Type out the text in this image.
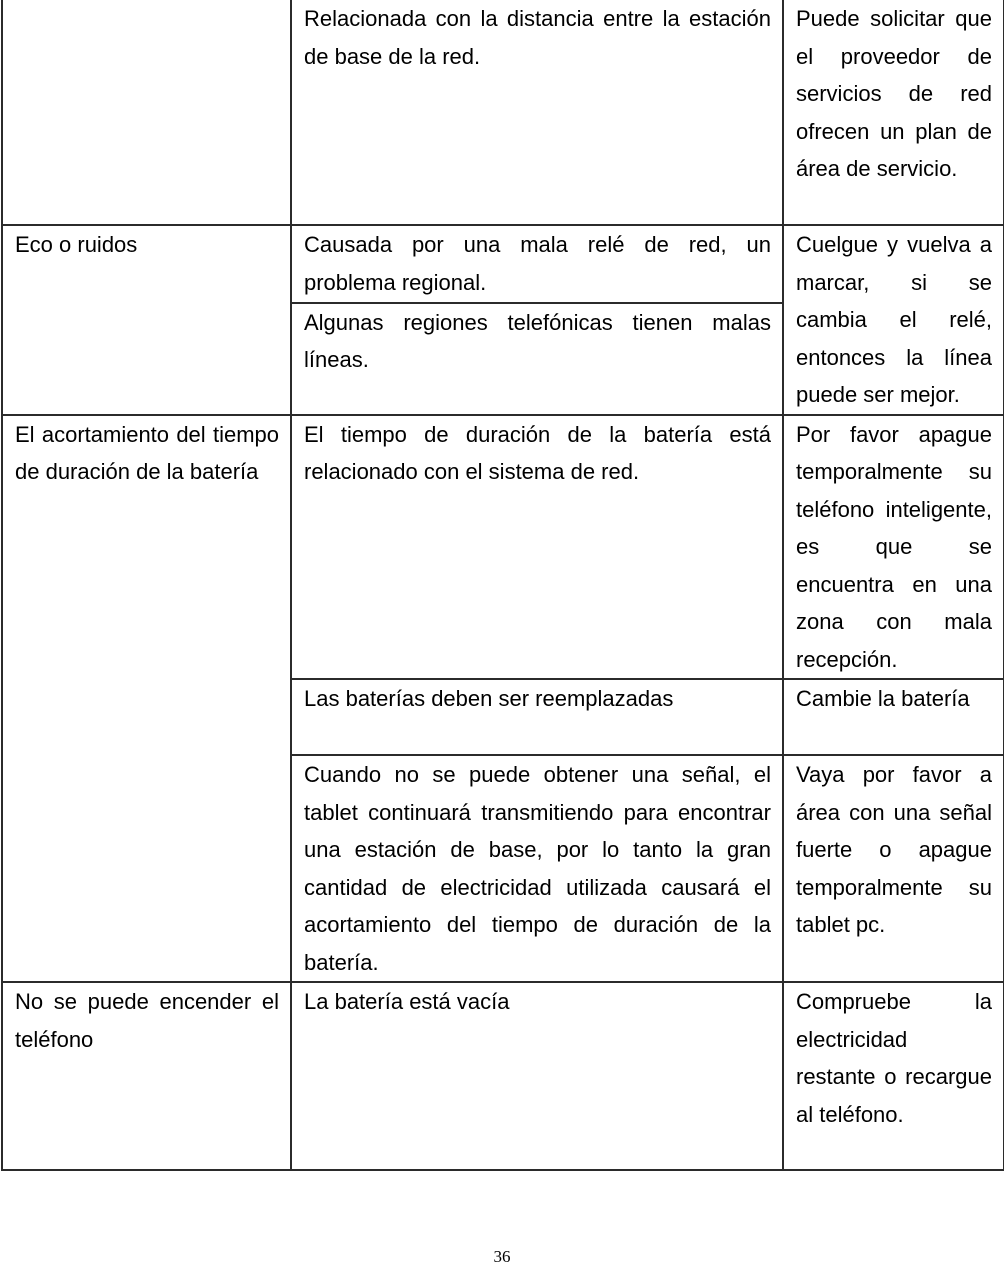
	Relacionada con la distancia entre la estación de base de la red.	Puede solicitar que el proveedor de servicios de red ofrecen un plan de área de servicio.
Eco o ruidos	Causada por una mala relé de red, un problema regional.	Cuelgue y vuelva a marcar, si se cambia el relé, entonces la línea puede ser mejor.
	Algunas regiones telefónicas tienen malas líneas.	
El acortamiento del tiempo de duración de la batería	El tiempo de duración de la batería está relacionado con el sistema de red.	Por favor apague temporalmente su teléfono inteligente, es que se encuentra en una zona con mala recepción.
	Las baterías deben ser reemplazadas	Cambie la batería
	Cuando no se puede obtener una señal, el tablet continuará transmitiendo para encontrar una estación de base, por lo tanto la gran cantidad de electricidad utilizada causará el acortamiento del tiempo de duración de la batería.	Vaya por favor a área con una señal fuerte o apague temporalmente su tablet pc.
No se puede encender el teléfono	La batería está vacía	Compruebe la electricidad restante o recargue al teléfono.
36
